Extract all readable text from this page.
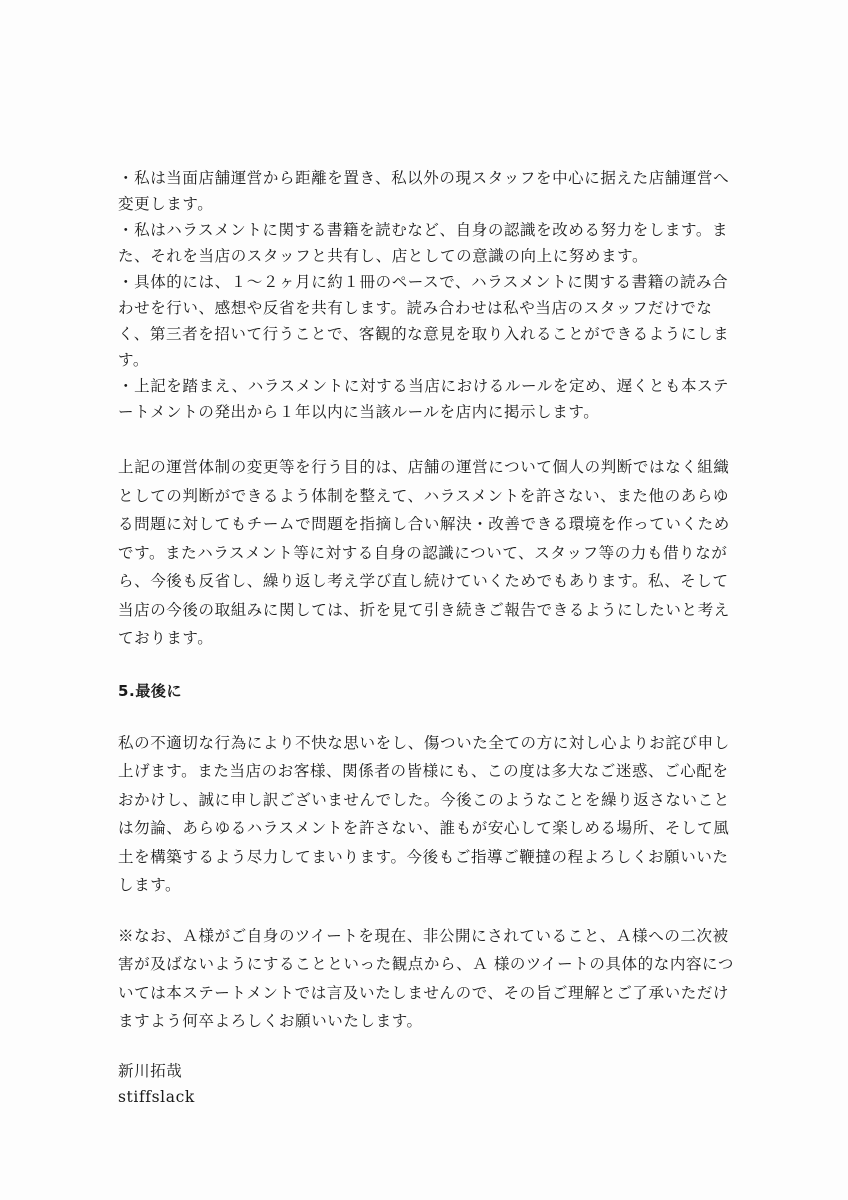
・私は当面店舗運営から距離を置き、私以外の現スタッフを中心に据えた店舗運営へ変更します。

・私はハラスメントに関する書籍を読むなど、自身の認識を改める努力をします。また、それを当店のスタッフと共有し、店としての意識の向上に努めます。

・具体的には、１〜２ヶ月に約１冊のペースで、ハラスメントに関する書籍の読み合わせを行い、感想や反省を共有します。読み合わせは私や当店のスタッフだけでなく、第三者を招いて行うことで、客観的な意見を取り入れることができるようにします。

・上記を踏まえ、ハラスメントに対する当店におけるルールを定め、遅くとも本ステートメントの発出から１年以内に当該ルールを店内に掲示します。

上記の運営体制の変更等を行う目的は、店舗の運営について個人の判断ではなく組織としての判断ができるよう体制を整えて、ハラスメントを許さない、また他のあらゆる問題に対してもチームで問題を指摘し合い解決・改善できる環境を作っていくためです。またハラスメント等に対する自身の認識について、スタッフ等の力も借りながら、今後も反省し、繰り返し考え学び直し続けていくためでもあります。私、そして当店の今後の取組みに関しては、折を見て引き続きご報告できるようにしたいと考えております。

5.最後に

私の不適切な行為により不快な思いをし、傷ついた全ての方に対し心よりお詫び申し上げます。また当店のお客様、関係者の皆様にも、この度は多大なご迷惑、ご心配をおかけし、誠に申し訳ございませんでした。今後このようなことを繰り返さないことは勿論、あらゆるハラスメントを許さない、誰もが安心して楽しめる場所、そして風土を構築するよう尽力してまいります。今後もご指導ご鞭撻の程よろしくお願いいたします。

※なお、Ａ様がご自身のツイートを現在、非公開にされていること、Ａ様への二次被害が及ばないようにすることといった観点から、Ａ 様のツイートの具体的な内容については本ステートメントでは言及いたしませんので、その旨ご理解とご了承いただけますよう何卒よろしくお願いいたします。

新川拓哉

stiffslack
